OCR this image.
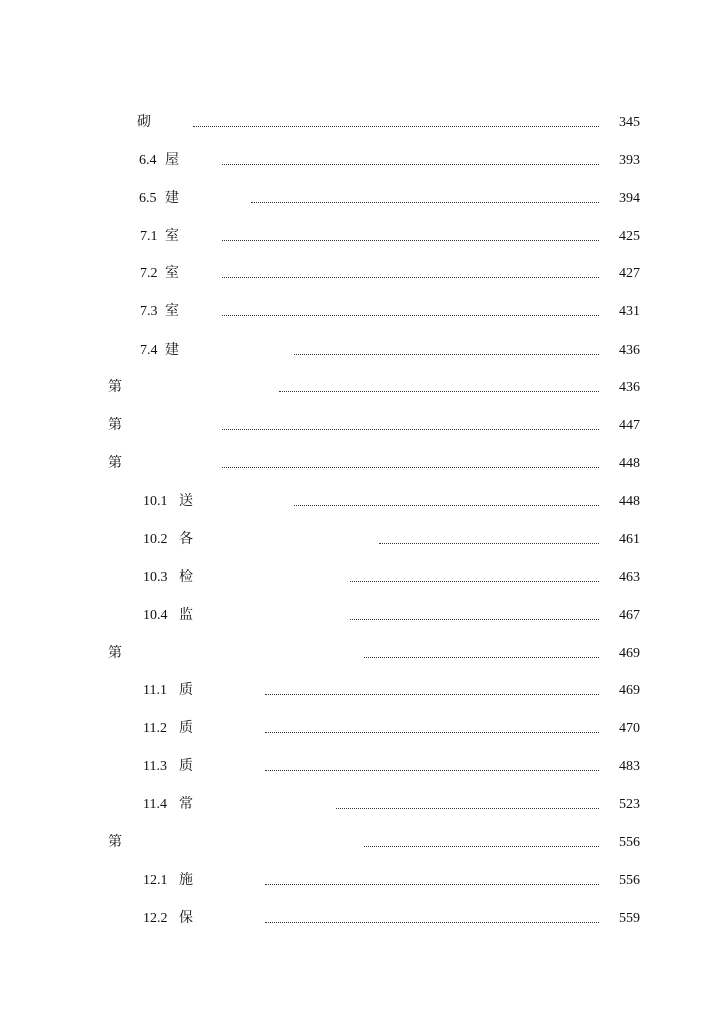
砌	345
6.4 屋	393
6.5 建	394
7.1 室	425
7.2 室	427
7.3 室	431
7.4 建	436
第	436
第	447
第	448
10.1 送	448
10.2 各	461
10.3 检	463
10.4 监	467
第	469
11.1 质	469
11.2 质	470
11.3 质	483
11.4 常	523
第	556
12.1 施	556
12.2 保	559
